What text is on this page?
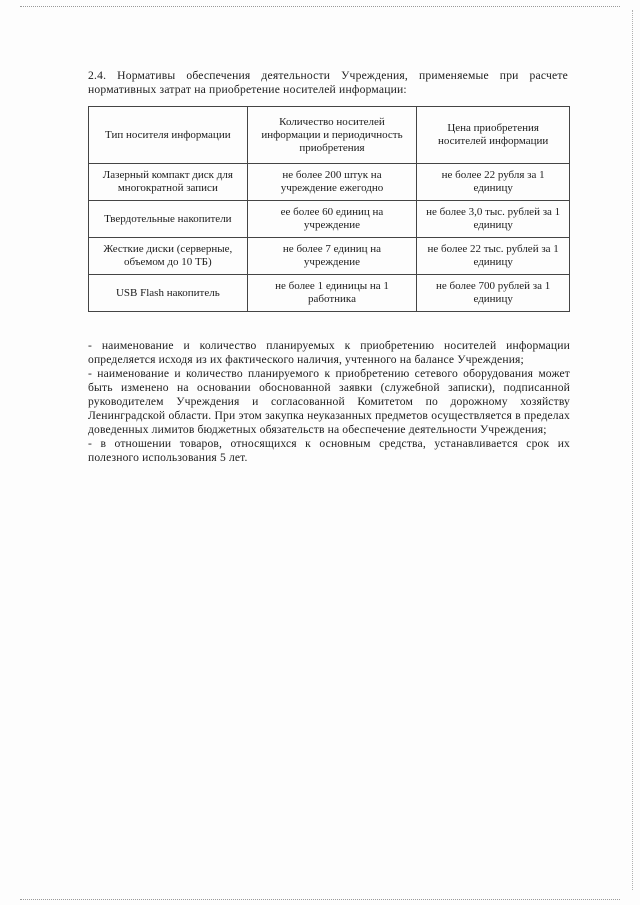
2.4. Нормативы обеспечения деятельности Учреждения, применяемые при расчете нормативных затрат на приобретение носителей информации:
Тип носителя информации	Количество носителей информации и периодичность приобретения	Цена приобретения носителей информации
Лазерный компакт диск для многократной записи	не более 200 штук на учреждение ежегодно	не более 22 рубля за 1 единицу
Твердотельные накопители	ее более 60 единиц на учреждение	не более 3,0 тыс. рублей за 1 единицу
Жесткие диски (серверные, объемом до 10 ТБ)	не более 7 единиц на учреждение	не более 22 тыс. рублей за 1 единицу
USB Flash накопитель	не более 1 единицы на 1 работника	не более 700 рублей за 1 единицу

- наименование и количество планируемых к приобретению носителей информации определяется исходя из их фактического наличия, учтенного на балансе Учреждения;

- наименование и количество планируемого к приобретению сетевого оборудования может быть изменено на основании обоснованной заявки (служебной записки), подписанной руководителем Учреждения и согласованной Комитетом по дорожному хозяйству Ленинградской области. При этом закупка неуказанных предметов осуществляется в пределах доведенных лимитов бюджетных обязательств на обеспечение деятельности Учреждения;

- в отношении товаров, относящихся к основным средства, устанавливается срок их полезного использования 5 лет.
